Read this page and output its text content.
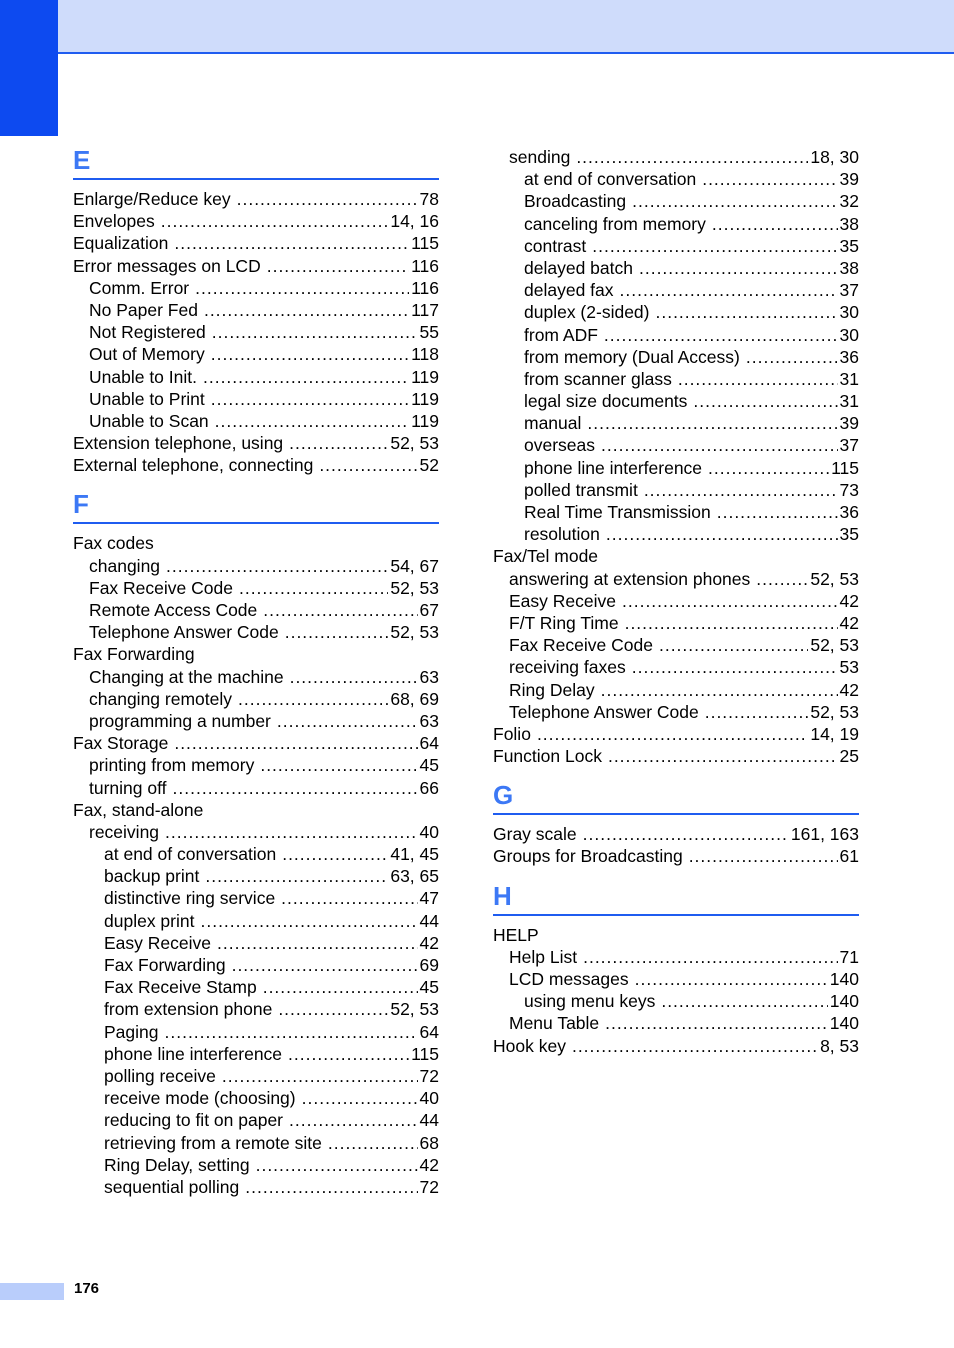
E
Enlarge/Reduce key .....	78
Envelopes .....	14, 16
Equalization .....	115
Error messages on LCD .....	116
Comm. Error .....	116
No Paper Fed .....	117
Not Registered .....	55
Out of Memory .....	118
Unable to Init. .....	119
Unable to Print .....	119
Unable to Scan .....	119
Extension telephone, using .....	52, 53
External telephone, connecting .....	52
F
Fax codes
changing .....	54, 67
Fax Receive Code .....	52, 53
Remote Access Code .....	67
Telephone Answer Code .....	52, 53
Fax Forwarding
Changing at the machine .....	63
changing remotely .....	68, 69
programming a number .....	63
Fax Storage .....	64
printing from memory .....	45
turning off .....	66
Fax, stand-alone
receiving .....	40
at end of conversation .....	41, 45
backup print .....	63, 65
distinctive ring service .....	47
duplex print .....	44
Easy Receive .....	42
Fax Forwarding .....	69
Fax Receive Stamp .....	45
from extension phone .....	52, 53
Paging .....	64
phone line interference .....	115
polling receive .....	72
receive mode (choosing) .....	40
reducing to fit on paper .....	44
retrieving from a remote site .....	68
Ring Delay, setting .....	42
sequential polling .....	72
sending .....	18, 30
at end of conversation .....	39
Broadcasting .....	32
canceling from memory .....	38
contrast .....	35
delayed batch .....	38
delayed fax .....	37
duplex (2-sided) .....	30
from ADF .....	30
from memory (Dual Access) .....	36
from scanner glass .....	31
legal size documents .....	31
manual .....	39
overseas .....	37
phone line interference .....	115
polled transmit .....	73
Real Time Transmission .....	36
resolution .....	35
Fax/Tel mode
answering at extension phones .....	52, 53
Easy Receive .....	42
F/T Ring Time .....	42
Fax Receive Code .....	52, 53
receiving faxes .....	53
Ring Delay .....	42
Telephone Answer Code .....	52, 53
Folio .....	14, 19
Function Lock .....	25
G
Gray scale .....	161, 163
Groups for Broadcasting .....	61
H
HELP
Help List .....	71
LCD messages .....	140
using menu keys .....	140
Menu Table .....	140
Hook key .....	8, 53
176
